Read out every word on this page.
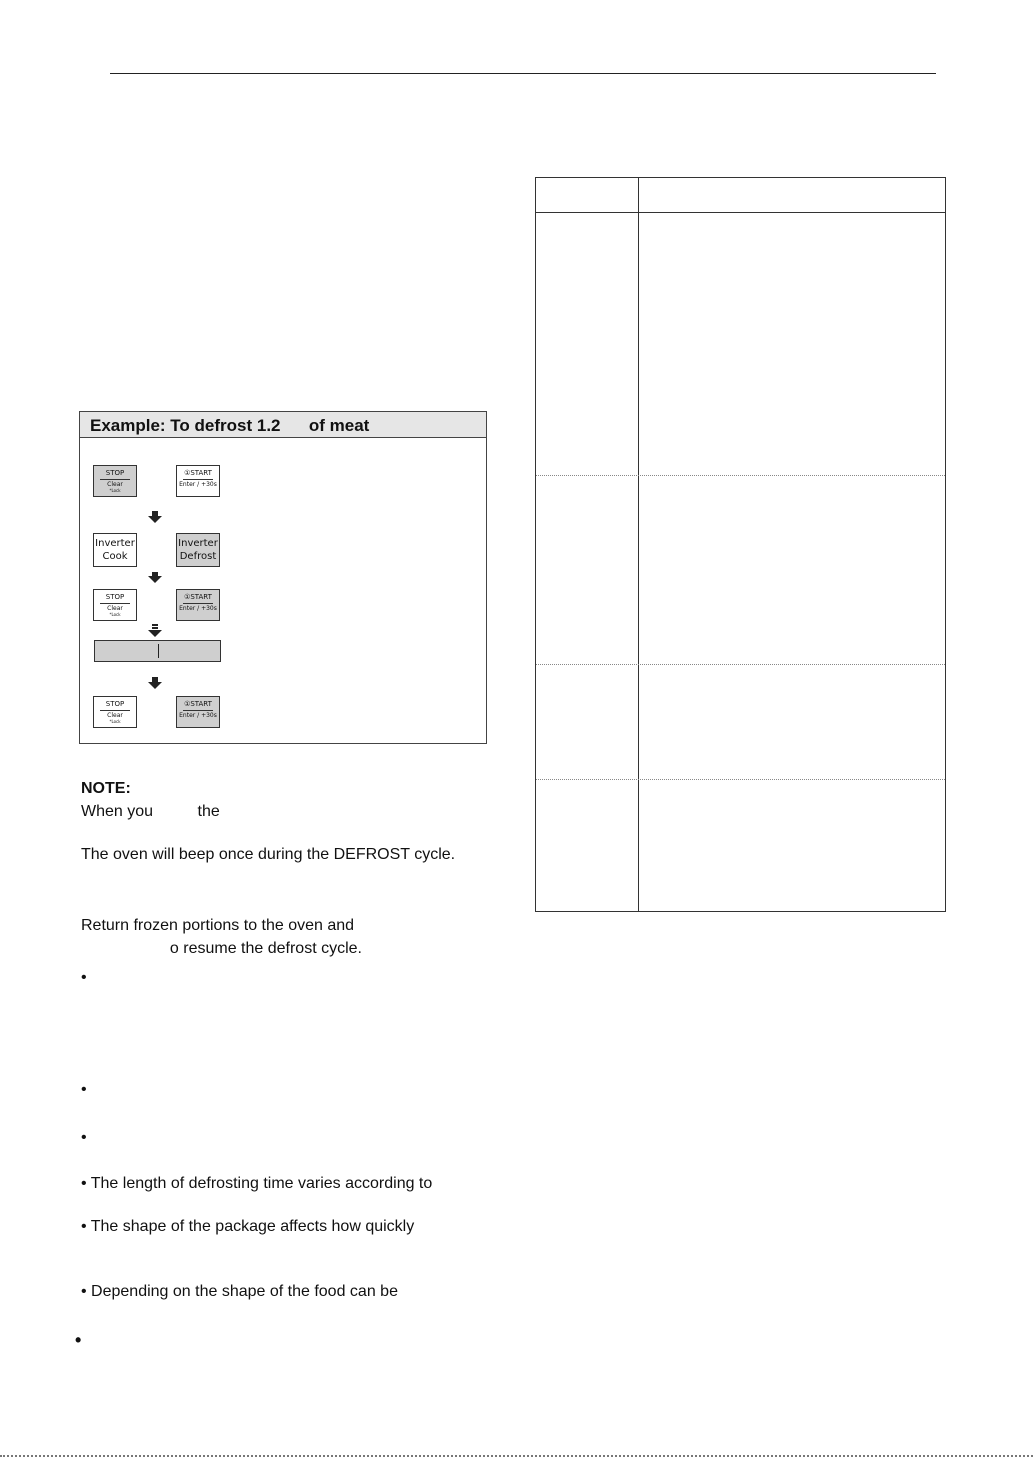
Example: To defrost 1.2      of meat
STOP
Clear
*Lock
①START
Enter / +30s
Inverter
Cook
Inverter
Defrost
STOP
Clear
*Lock
①START
Enter / +30s
STOP
Clear
*Lock
①START
Enter / +30s
NOTE:
When you          the
The oven will beep once during the DEFROST cycle.
Return frozen portions to the oven and
o resume the defrost cycle.
•
•
•
• The length of defrosting time varies according to
• The shape of the package affects how quickly
• Depending on the shape of the food can be
•
